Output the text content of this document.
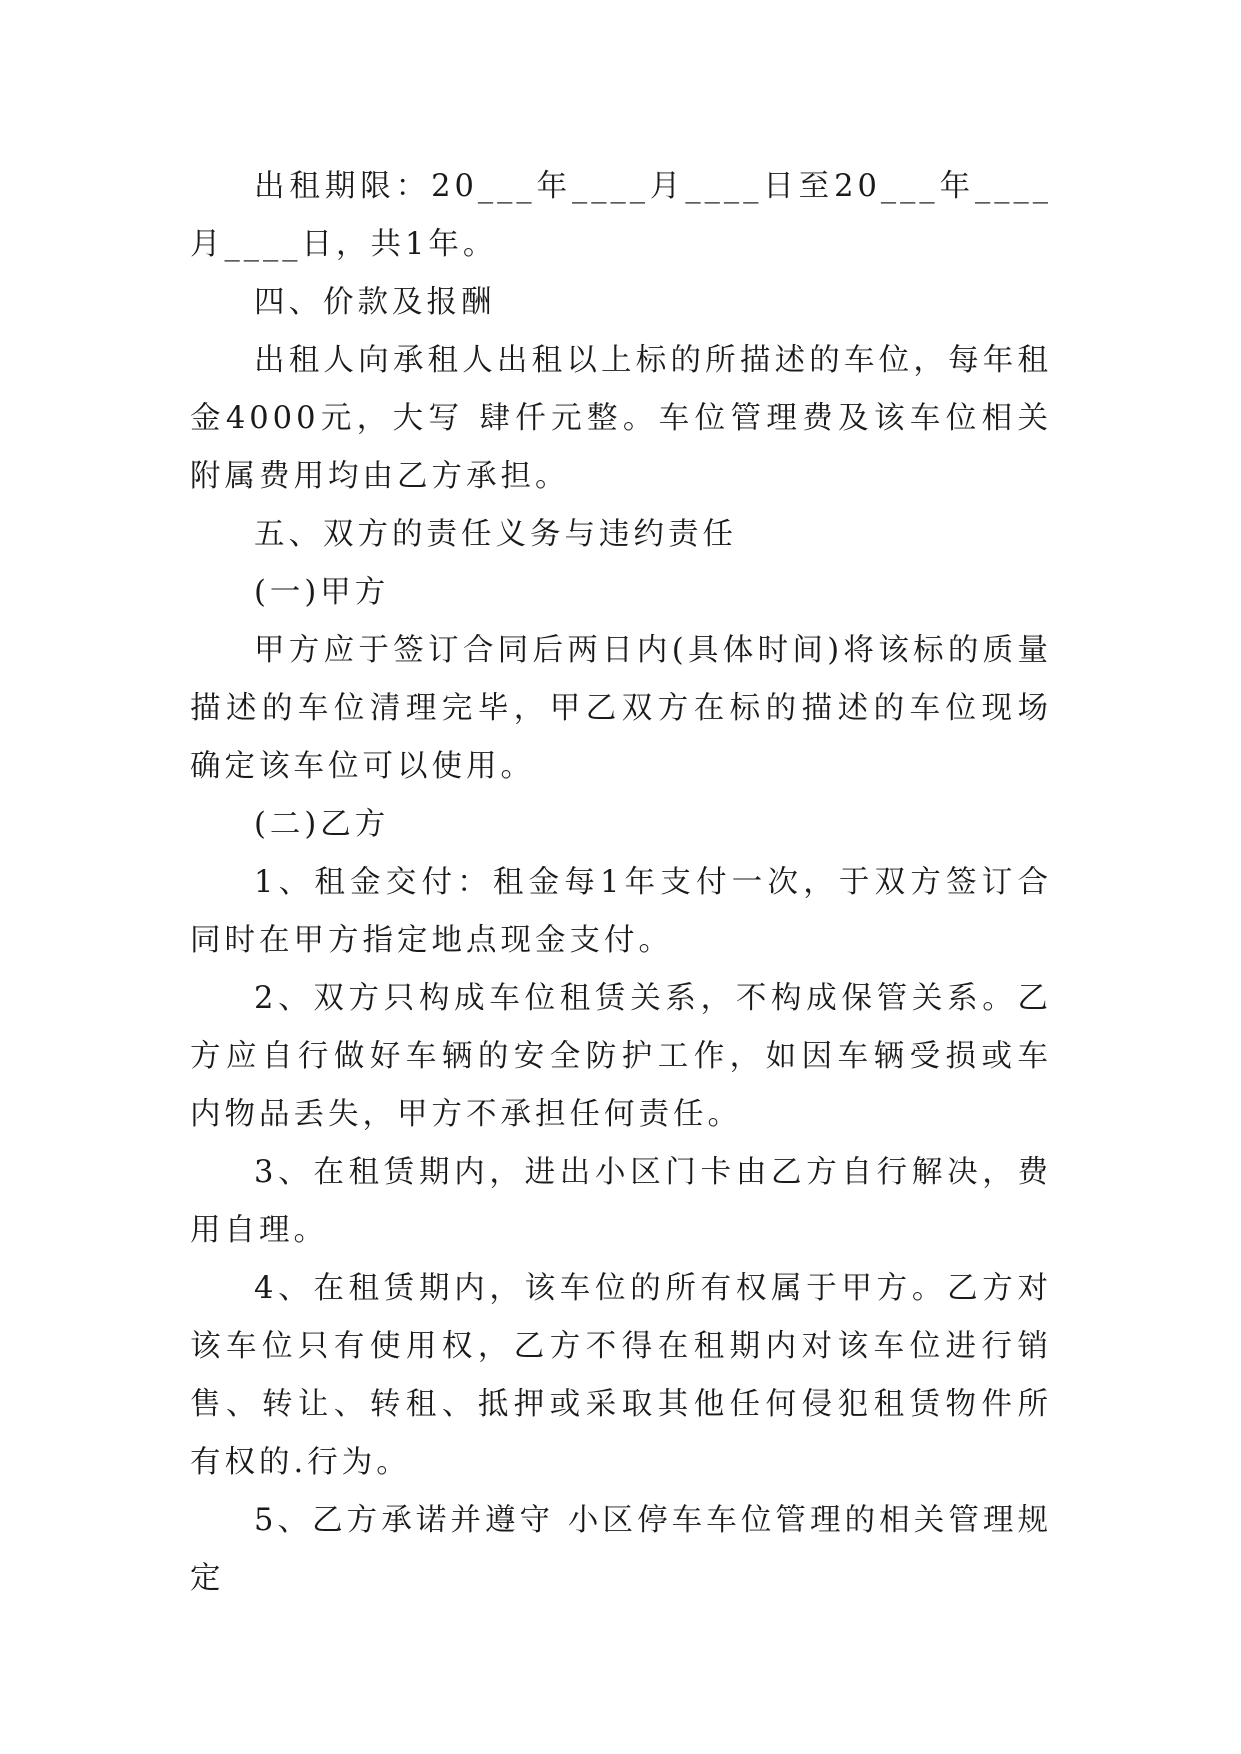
出租期限：20___年____月____日至20___年____月____日，共1年。

四、价款及报酬

出租人向承租人出租以上标的所描述的车位，每年租金4000元，大写 肆仟元整。车位管理费及该车位相关附属费用均由乙方承担。

五、双方的责任义务与违约责任

(一)甲方

甲方应于签订合同后两日内(具体时间)将该标的质量描述的车位清理完毕，甲乙双方在标的描述的车位现场确定该车位可以使用。

(二)乙方

1、租金交付：租金每1年支付一次，于双方签订合同时在甲方指定地点现金支付。

2、双方只构成车位租赁关系，不构成保管关系。乙方应自行做好车辆的安全防护工作，如因车辆受损或车内物品丢失，甲方不承担任何责任。

3、在租赁期内，进出小区门卡由乙方自行解决，费用自理。

4、在租赁期内，该车位的所有权属于甲方。乙方对该车位只有使用权，乙方不得在租期内对该车位进行销售、转让、转租、抵押或采取其他任何侵犯租赁物件所有权的.行为。

5、乙方承诺并遵守 小区停车车位管理的相关管理规定
